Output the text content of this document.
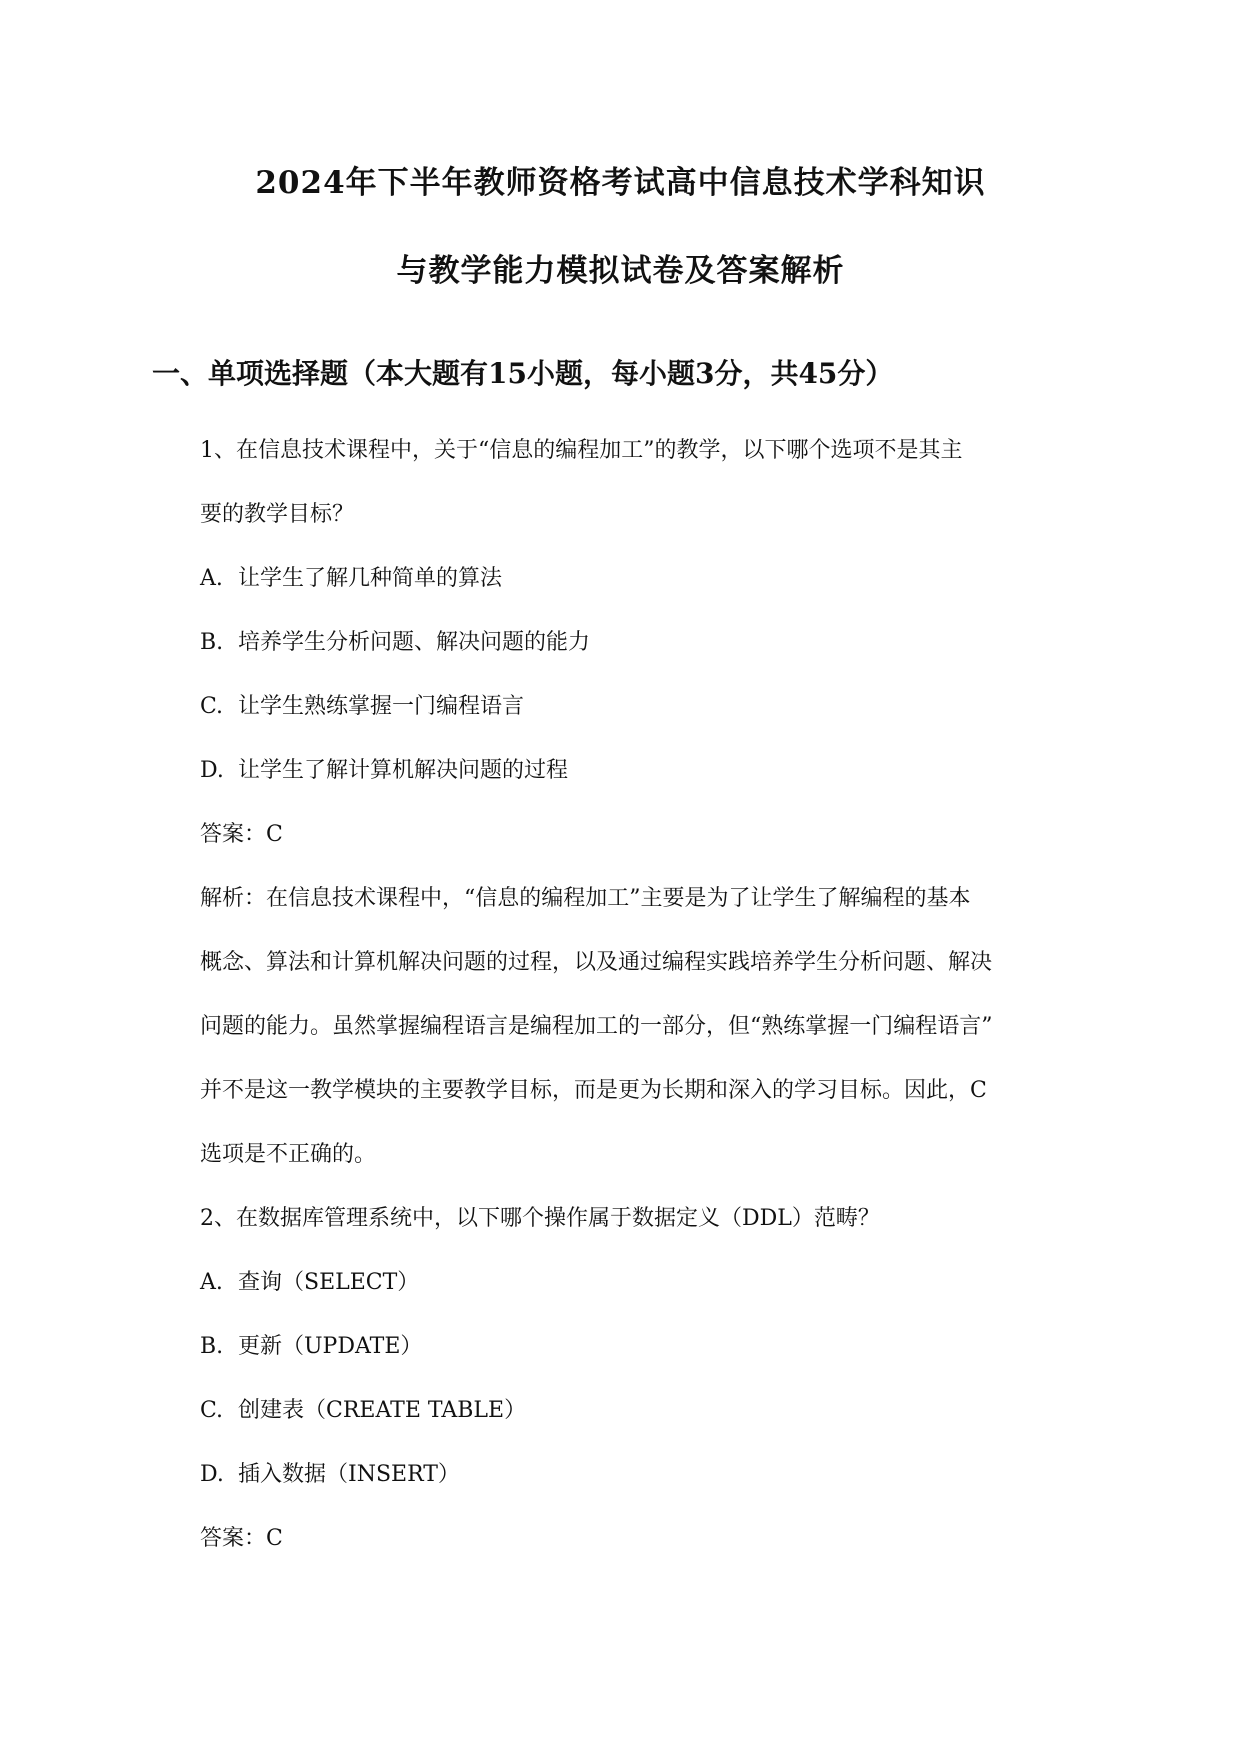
2024年下半年教师资格考试高中信息技术学科知识
与教学能力模拟试卷及答案解析
一、单项选择题（本大题有15小题，每小题3分，共45分）

1、在信息技术课程中，关于“信息的编程加工”的教学，以下哪个选项不是其主

要的教学目标？

A. 让学生了解几种简单的算法

B. 培养学生分析问题、解决问题的能力

C. 让学生熟练掌握一门编程语言

D. 让学生了解计算机解决问题的过程

答案：C

解析：在信息技术课程中，“信息的编程加工”主要是为了让学生了解编程的基本

概念、算法和计算机解决问题的过程，以及通过编程实践培养学生分析问题、解决

问题的能力。虽然掌握编程语言是编程加工的一部分，但“熟练掌握一门编程语言”

并不是这一教学模块的主要教学目标，而是更为长期和深入的学习目标。因此，C

选项是不正确的。

2、在数据库管理系统中，以下哪个操作属于数据定义（DDL）范畴？

A. 查询（SELECT）

B. 更新（UPDATE）

C. 创建表（CREATE TABLE）

D. 插入数据（INSERT）

答案：C
